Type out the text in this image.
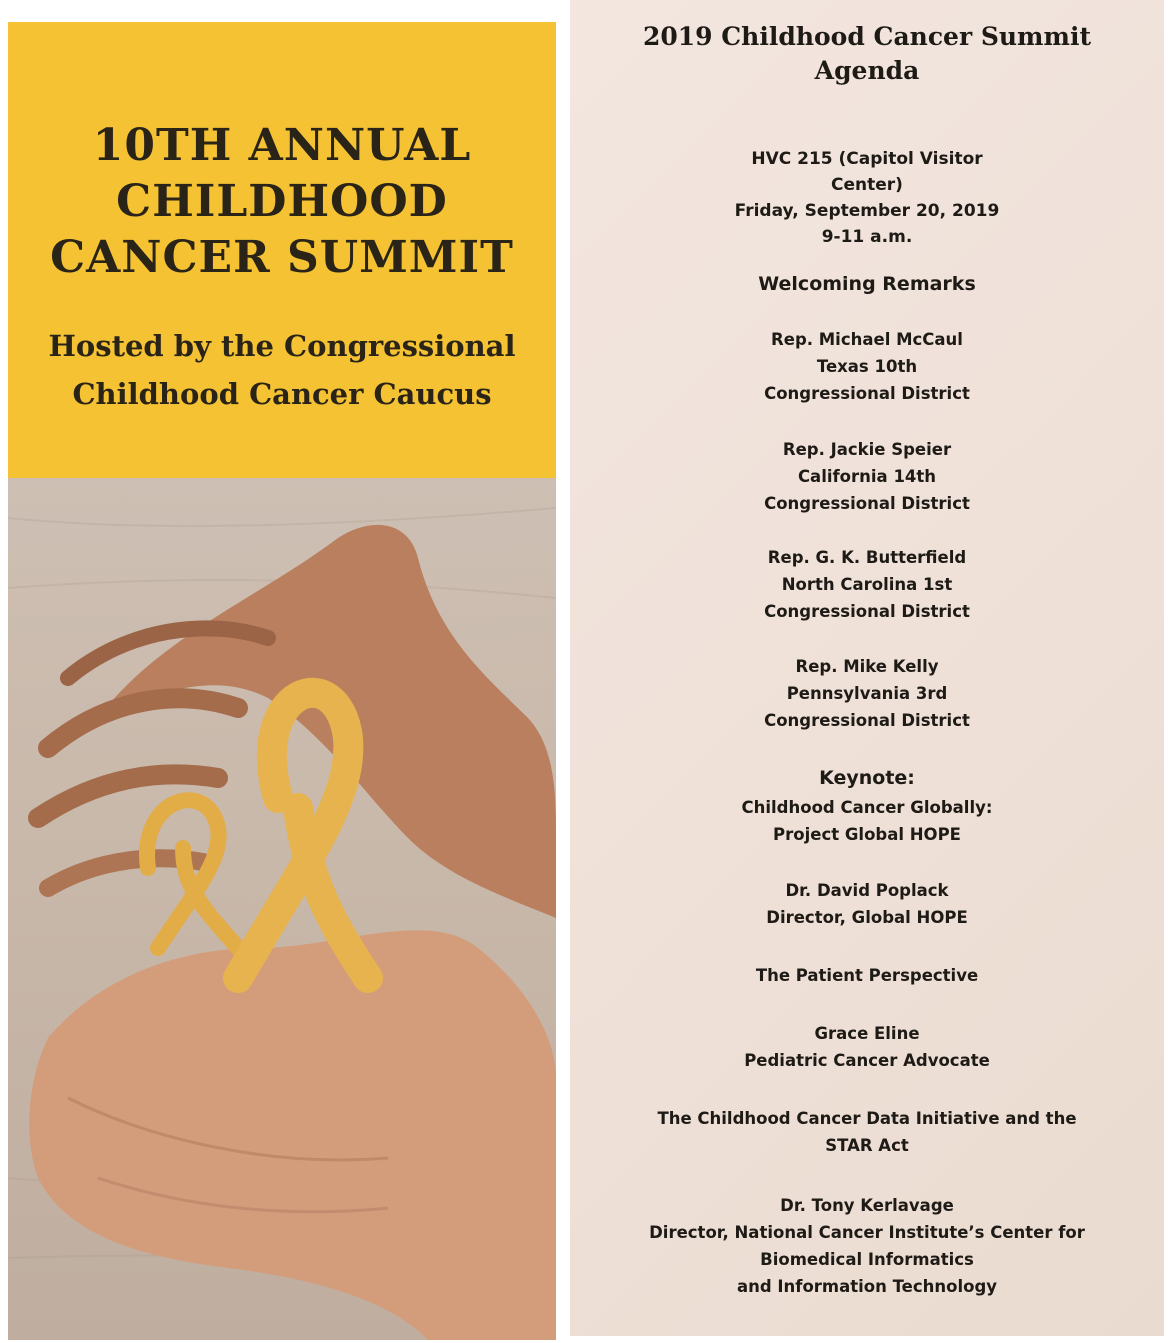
10TH ANNUAL
CHILDHOOD
CANCER SUMMIT
Hosted by the Congressional
Childhood Cancer Caucus
2019 Childhood Cancer Summit
Agenda
HVC 215 (Capitol Visitor
Center)
Friday, September 20, 2019
9-11 a.m.
Welcoming Remarks
Rep. Michael McCaul
Texas 10th
Congressional District
Rep. Jackie Speier
California 14th
Congressional District
Rep. G. K. Butterfield
North Carolina 1st
Congressional District
Rep. Mike Kelly
Pennsylvania 3rd
Congressional District
Keynote:
Childhood Cancer Globally:
Project Global HOPE
Dr. David Poplack
Director, Global HOPE
The Patient Perspective
Grace Eline
Pediatric Cancer Advocate
The Childhood Cancer Data Initiative and the
STAR Act
Dr. Tony Kerlavage
Director, National Cancer Institute’s Center for
Biomedical Informatics
and Information Technology
